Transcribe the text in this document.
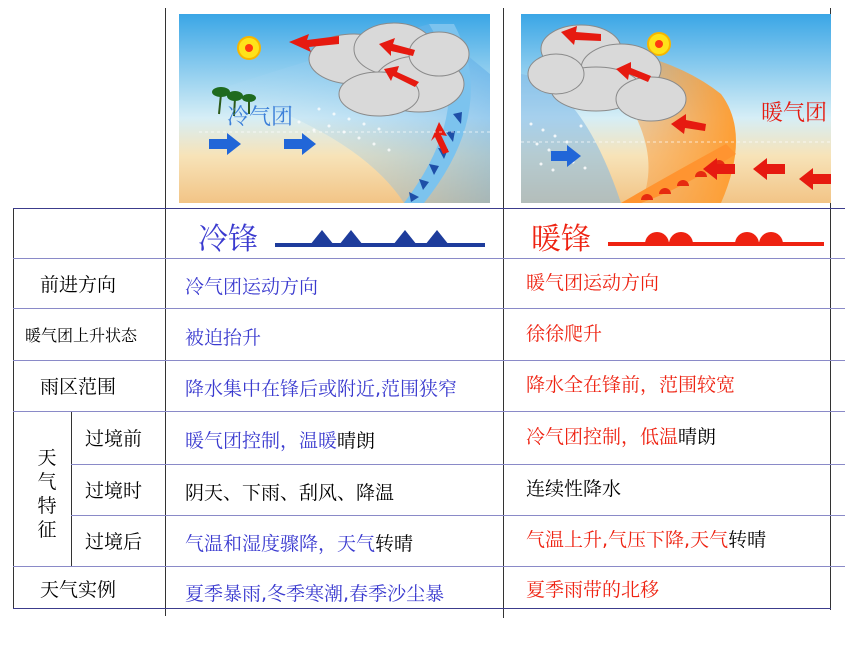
冷气团	暖气团
冷锋	暖锋
前进方向	冷气团运动方向	暖气团运动方向
暖气团上升状态	被迫抬升	徐徐爬升
雨区范围	降水集中在锋后或附近,范围狭窄	降水全在锋前，范围较宽
天
气
特
征
过境前 暖气团控制，温暖 晴朗	冷气团控制，低温 晴朗
过境时 阴天、下雨、刮风、降温	连续性降水
过境后 气温和湿度骤降，天气 转晴	气温上升,气压下降,天气 转晴
天气实例	夏季暴雨,冬季寒潮,春季沙尘暴	夏季雨带的北移
